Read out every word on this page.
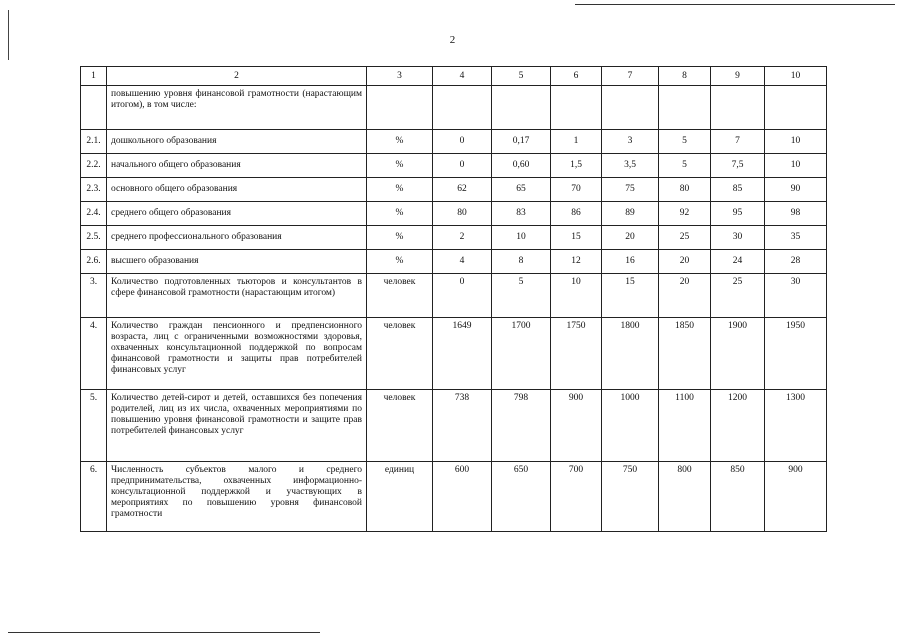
2
1	2	3	4	5	6	7	8	9	10
	повышению уровня финансовой грамотности (нарастающим итогом), в том числе:								
2.1.	дошкольного образования	%	0	0,17	1	3	5	7	10
2.2.	начального общего образования	%	0	0,60	1,5	3,5	5	7,5	10
2.3.	основного общего образования	%	62	65	70	75	80	85	90
2.4.	среднего общего образования	%	80	83	86	89	92	95	98
2.5.	среднего профессионального образования	%	2	10	15	20	25	30	35
2.6.	высшего образования	%	4	8	12	16	20	24	28
3.	Количество подготовленных тьюторов и консультантов в сфере финансовой грамотности (нарастающим итогом)	человек	0	5	10	15	20	25	30
4.	Количество граждан пенсионного и предпенсионного возраста, лиц с ограниченными возможностями здоровья, охваченных консультационной поддержкой по вопросам финансовой грамотности и защиты прав потребителей финансовых услуг	человек	1649	1700	1750	1800	1850	1900	1950
5.	Количество детей-сирот и детей, оставшихся без попечения родителей, лиц из их числа, охваченных мероприятиями по повышению уровня финансовой грамотности и защите прав потребителей финансовых услуг	человек	738	798	900	1000	1100	1200	1300
6.	Численность субъектов малого и среднего предпринимательства, охваченных информационно-консультационной поддержкой и участвующих в мероприятиях по повышению уровня финансовой грамотности	единиц	600	650	700	750	800	850	900
